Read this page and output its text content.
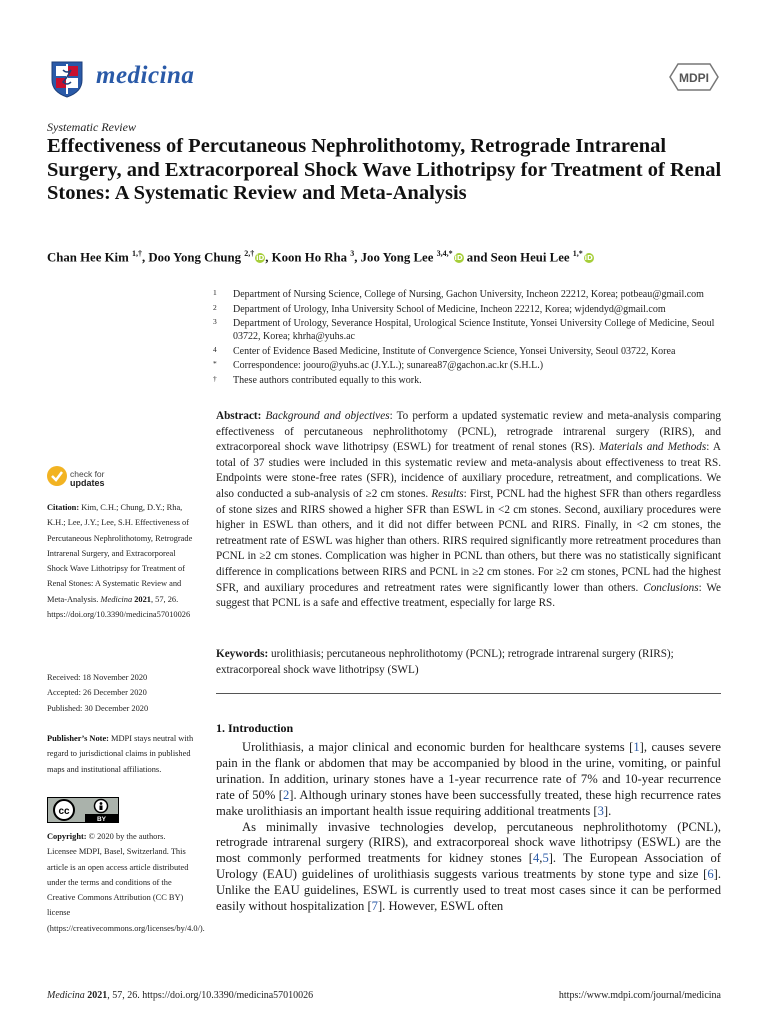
medicina	MDPI
Systematic Review
Effectiveness of Percutaneous Nephrolithotomy, Retrograde Intrarenal Surgery, and Extracorporeal Shock Wave Lithotripsy for Treatment of Renal Stones: A Systematic Review and Meta-Analysis
Chan Hee Kim $^{1,\dagger}$, Doo Yong Chung $^{2,\dagger}$iD, Koon Ho Rha $^3$, Joo Yong Lee $^{3,4,*}$iD and Seon Heui Lee $^{1,*}$iD
1 Department of Nursing Science, College of Nursing, Gachon University, Incheon 22212, Korea; potbeau@gmail.com
2 Department of Urology, Inha University School of Medicine, Incheon 22212, Korea; wjdendyd@gmail.com
3 Department of Urology, Severance Hospital, Urological Science Institute, Yonsei University College of Medicine, Seoul 03722, Korea; khrha@yuhs.ac
4 Center of Evidence Based Medicine, Institute of Convergence Science, Yonsei University, Seoul 03722, Korea
* Correspondence: joouro@yuhs.ac (J.Y.L.); sunarea87@gachon.ac.kr (S.H.L.)
† These authors contributed equally to this work.
check for
updates
Citation: Kim, C.H.; Chung, D.Y.; Rha, K.H.; Lee, J.Y.; Lee, S.H. Effectiveness of Percutaneous Nephrolithotomy, Retrograde Intrarenal Surgery, and Extracorporeal Shock Wave Lithotripsy for Treatment of Renal Stones: A Systematic Review and Meta-Analysis. Medicina 2021, 57, 26. https://doi.org/10.3390/medicina57010026
Received: 18 November 2020
Accepted: 26 December 2020
Published: 30 December 2020
Publisher’s Note: MDPI stays neutral with regard to jurisdictional claims in published maps and institutional affiliations.
cc
BY
Copyright: © 2020 by the authors. Licensee MDPI, Basel, Switzerland. This article is an open access article distributed under the terms and conditions of the Creative Commons Attribution (CC BY) license (https://creativecommons.org/licenses/by/4.0/).
Abstract: Background and objectives: To perform a updated systematic review and meta-analysis comparing effectiveness of percutaneous nephrolithotomy (PCNL), retrograde intrarenal surgery (RIRS), and extracorporeal shock wave lithotripsy (ESWL) for treatment of renal stones (RS). Materials and Methods: A total of 37 studies were included in this systematic review and meta-analysis about effectiveness to treat RS. Endpoints were stone-free rates (SFR), incidence of auxiliary procedure, retreatment, and complications. We also conducted a sub-analysis of ≥2 cm stones. Results: First, PCNL had the highest SFR than others regardless of stone sizes and RIRS showed a higher SFR than ESWL in <2 cm stones. Second, auxiliary procedures were higher in ESWL than others, and it did not differ between PCNL and RIRS. Finally, in <2 cm stones, the retreatment rate of ESWL was higher than others. RIRS required significantly more retreatment procedures than PCNL in ≥2 cm stones. Complication was higher in PCNL than others, but there was no statistically significant difference in complications between RIRS and PCNL in ≥2 cm stones. For ≥2 cm stones, PCNL had the highest SFR, and auxiliary procedures and retreatment rates were significantly lower than others. Conclusions: We suggest that PCNL is a safe and effective treatment, especially for large RS.
Keywords: urolithiasis; percutaneous nephrolithotomy (PCNL); retrograde intrarenal surgery (RIRS); extracorporeal shock wave lithotripsy (SWL)
1. Introduction

Urolithiasis, a major clinical and economic burden for healthcare systems [1], causes severe pain in the flank or abdomen that may be accompanied by blood in the urine, vomiting, or painful urination. In addition, urinary stones have a 1-year recurrence rate of 7% and 10-year recurrence rate of 50% [2]. Although urinary stones have been successfully treated, these high recurrence rates make urolithiasis an important health issue requiring additional treatments [3].

As minimally invasive technologies develop, percutaneous nephrolithotomy (PCNL), retrograde intrarenal surgery (RIRS), and extracorporeal shock wave lithotripsy (ESWL) are the most commonly performed treatments for kidney stones [4,5]. The European Association of Urology (EAU) guidelines of urolithiasis suggests various treatments by stone type and size [6]. Unlike the EAU guidelines, ESWL is currently used to treat most cases since it can be performed easily without hospitalization [7]. However, ESWL often

Medicina 2021, 57, 26. https://doi.org/10.3390/medicina57010026	https://www.mdpi.com/journal/medicina
